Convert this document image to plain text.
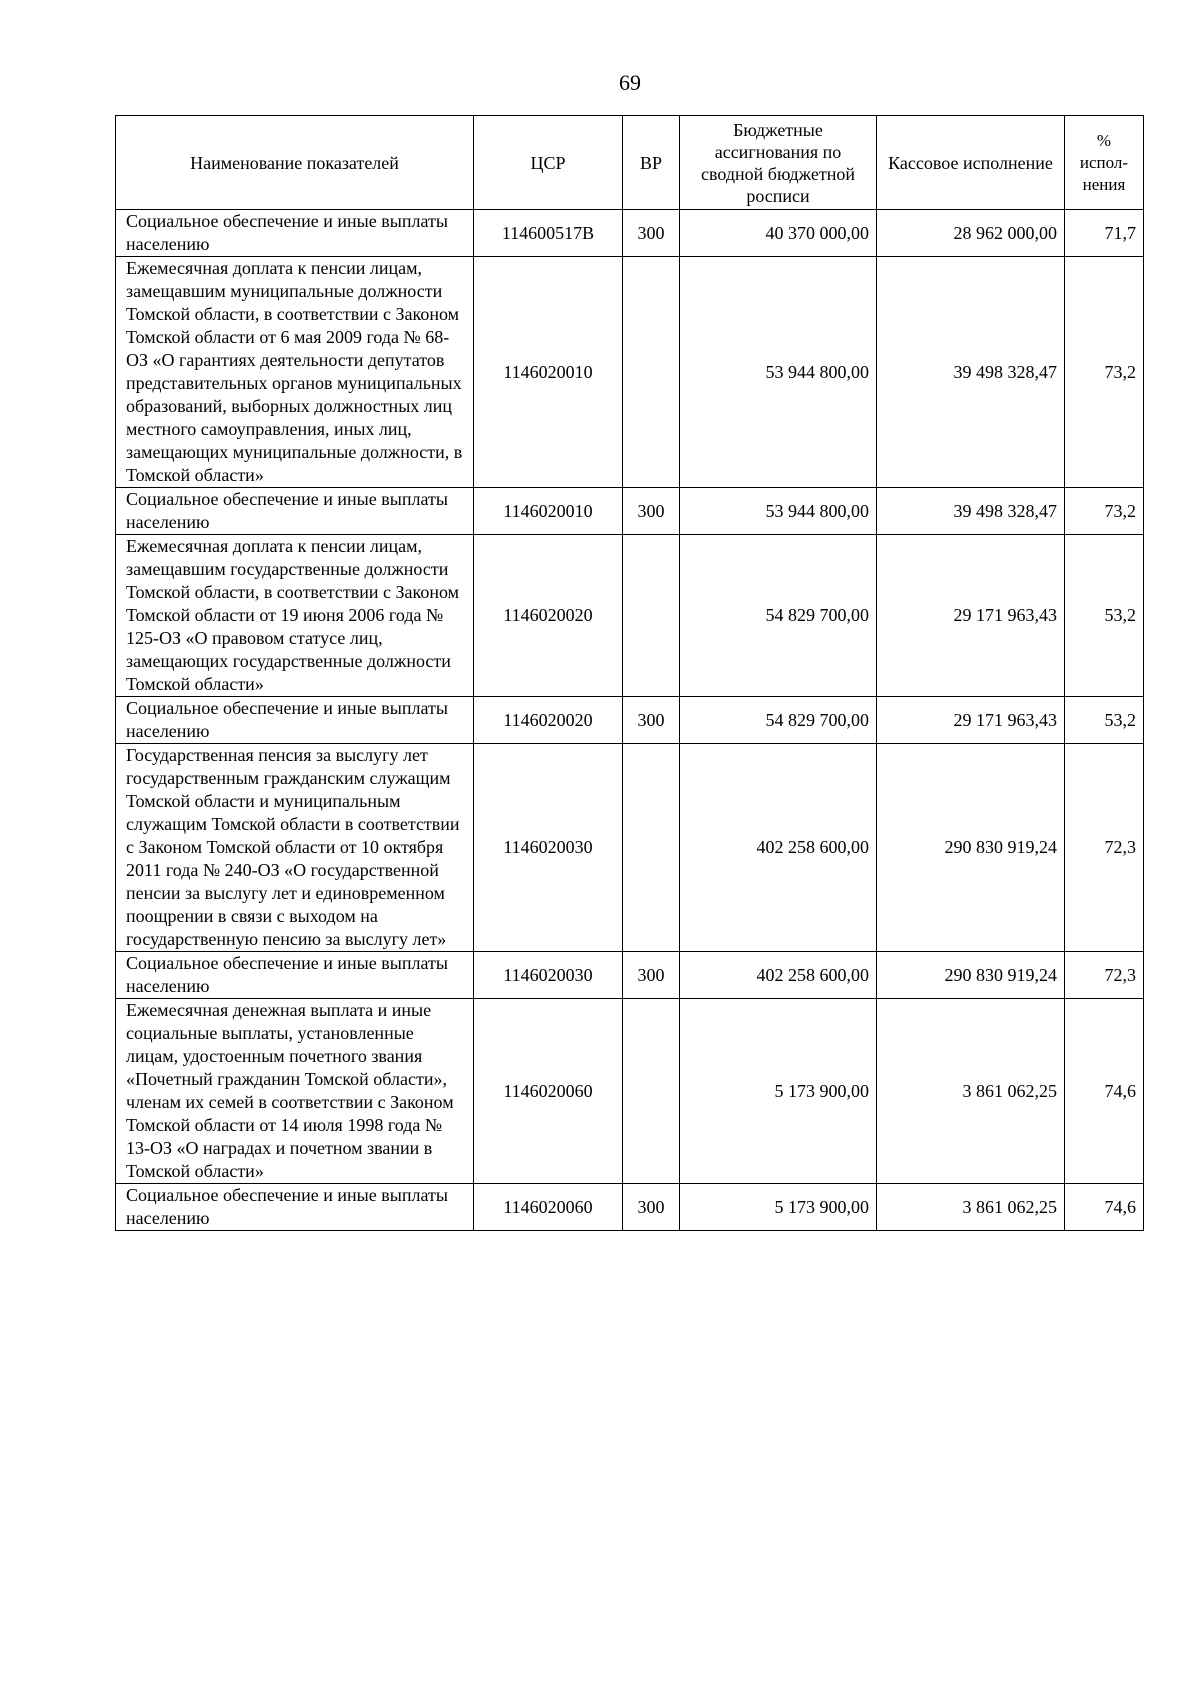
69
Наименование показателей	ЦСР	ВР	Бюджетные ассигнования по сводной бюджетной росписи	Кассовое исполнение	% испол-нения
Социальное обеспечение и иные выплаты населению	114600517В	300	40 370 000,00	28 962 000,00	71,7
Ежемесячная доплата к пенсии лицам, замещавшим муниципальные должности Томской области, в соответствии с Законом Томской области от 6 мая 2009 года № 68-ОЗ «О гарантиях деятельности депутатов представительных органов муниципальных образований, выборных должностных лиц местного самоуправления, иных лиц, замещающих муниципальные должности, в Томской области»	1146020010		53 944 800,00	39 498 328,47	73,2
Социальное обеспечение и иные выплаты населению	1146020010	300	53 944 800,00	39 498 328,47	73,2
Ежемесячная доплата к пенсии лицам, замещавшим государственные должности Томской области, в соответствии с Законом Томской области от 19 июня 2006 года № 125-ОЗ «О правовом статусе лиц, замещающих государственные должности Томской области»	1146020020		54 829 700,00	29 171 963,43	53,2
Социальное обеспечение и иные выплаты населению	1146020020	300	54 829 700,00	29 171 963,43	53,2
Государственная пенсия за выслугу лет государственным гражданским служащим Томской области и муниципальным служащим Томской области в соответствии с Законом Томской области от 10 октября 2011 года № 240-ОЗ «О государственной пенсии за выслугу лет и единовременном поощрении в связи с выходом на государственную пенсию за выслугу лет»	1146020030		402 258 600,00	290 830 919,24	72,3
Социальное обеспечение и иные выплаты населению	1146020030	300	402 258 600,00	290 830 919,24	72,3
Ежемесячная денежная выплата и иные социальные выплаты, установленные лицам, удостоенным почетного звания «Почетный гражданин Томской области», членам их семей в соответствии с Законом Томской области от 14 июля 1998 года № 13-ОЗ «О наградах и почетном звании в Томской области»	1146020060		5 173 900,00	3 861 062,25	74,6
Социальное обеспечение и иные выплаты населению	1146020060	300	5 173 900,00	3 861 062,25	74,6
